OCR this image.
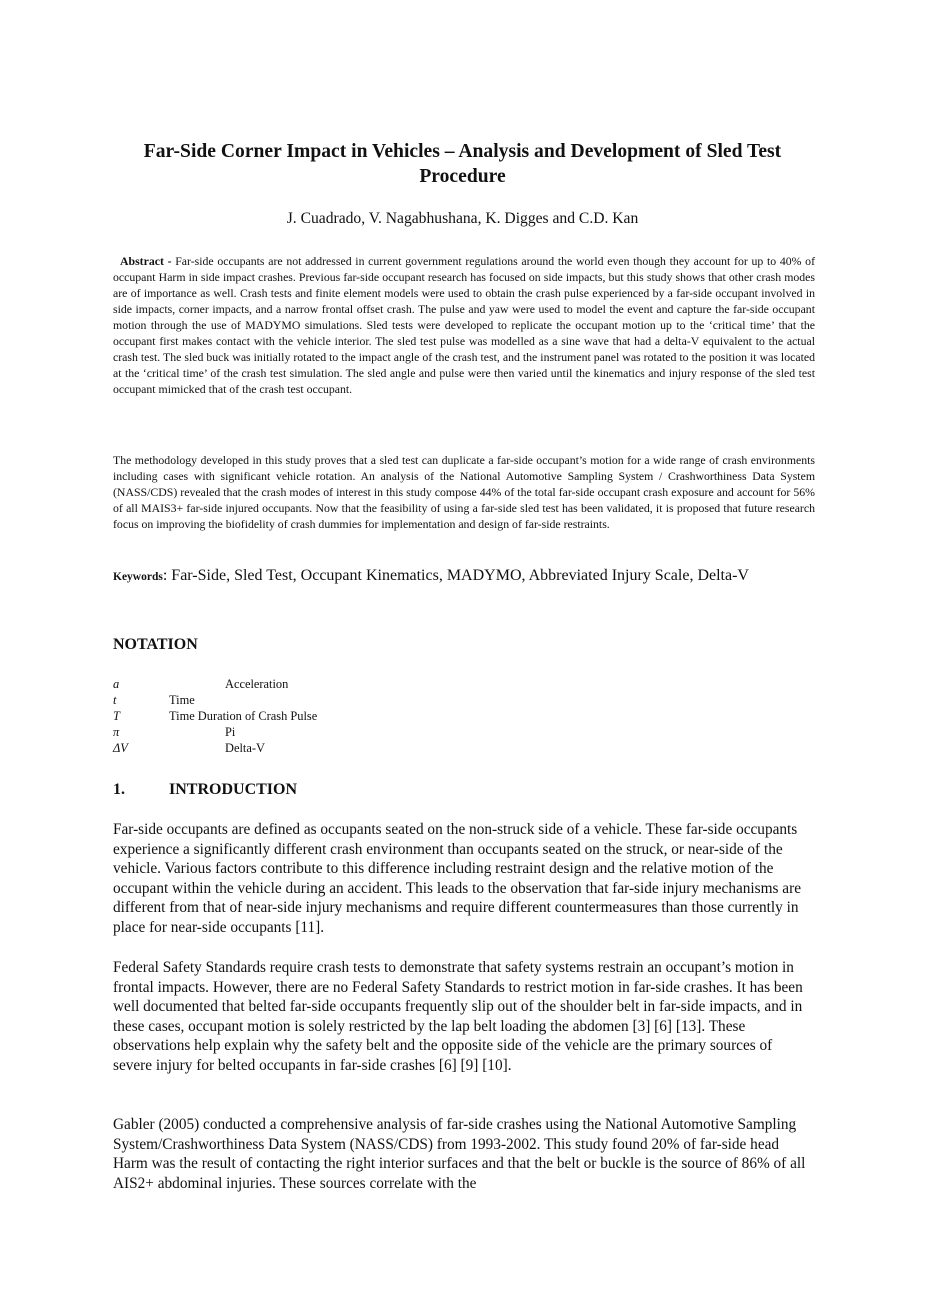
Far-Side Corner Impact in Vehicles – Analysis and Development of Sled Test Procedure

J. Cuadrado, V. Nagabhushana, K. Digges and C.D. Kan

Abstract - Far-side occupants are not addressed in current government regulations around the world even though they account for up to 40% of occupant Harm in side impact crashes. Previous far-side occupant research has focused on side impacts, but this study shows that other crash modes are of importance as well. Crash tests and finite element models were used to obtain the crash pulse experienced by a far-side occupant involved in side impacts, corner impacts, and a narrow frontal offset crash. The pulse and yaw were used to model the event and capture the far-side occupant motion through the use of MADYMO simulations. Sled tests were developed to replicate the occupant motion up to the ‘critical time’ that the occupant first makes contact with the vehicle interior. The sled test pulse was modelled as a sine wave that had a delta-V equivalent to the actual crash test. The sled buck was initially rotated to the impact angle of the crash test, and the instrument panel was rotated to the position it was located at the ‘critical time’ of the crash test simulation. The sled angle and pulse were then varied until the kinematics and injury response of the sled test occupant mimicked that of the crash test occupant.

The methodology developed in this study proves that a sled test can duplicate a far-side occupant’s motion for a wide range of crash environments including cases with significant vehicle rotation. An analysis of the National Automotive Sampling System / Crashworthiness Data System (NASS/CDS) revealed that the crash modes of interest in this study compose 44% of the total far-side occupant crash exposure and account for 56% of all MAIS3+ far-side injured occupants. Now that the feasibility of using a far-side sled test has been validated, it is proposed that future research focus on improving the biofidelity of crash dummies for implementation and design of far-side restraints.

Keywords: Far-Side, Sled Test, Occupant Kinematics, MADYMO, Abbreviated Injury Scale, Delta-V

NOTATION
a	Acceleration
t	Time
T	Time Duration of Crash Pulse
π	Pi
ΔV	Delta-V
1.	INTRODUCTION

Far-side occupants are defined as occupants seated on the non-struck side of a vehicle. These far-side occupants experience a significantly different crash environment than occupants seated on the struck, or near-side of the vehicle. Various factors contribute to this difference including restraint design and the relative motion of the occupant within the vehicle during an accident. This leads to the observation that far-side injury mechanisms are different from that of near-side injury mechanisms and require different countermeasures than those currently in place for near-side occupants [11].

Federal Safety Standards require crash tests to demonstrate that safety systems restrain an occupant’s motion in frontal impacts. However, there are no Federal Safety Standards to restrict motion in far-side crashes. It has been well documented that belted far-side occupants frequently slip out of the shoulder belt in far-side impacts, and in these cases, occupant motion is solely restricted by the lap belt loading the abdomen [3] [6] [13]. These observations help explain why the safety belt and the opposite side of the vehicle are the primary sources of severe injury for belted occupants in far-side crashes [6] [9] [10].

Gabler (2005) conducted a comprehensive analysis of far-side crashes using the National Automotive Sampling System/Crashworthiness Data System (NASS/CDS) from 1993-2002. This study found 20% of far-side head Harm was the result of contacting the right interior surfaces and that the belt or buckle is the source of 86% of all AIS2+ abdominal injuries. These sources correlate with the
